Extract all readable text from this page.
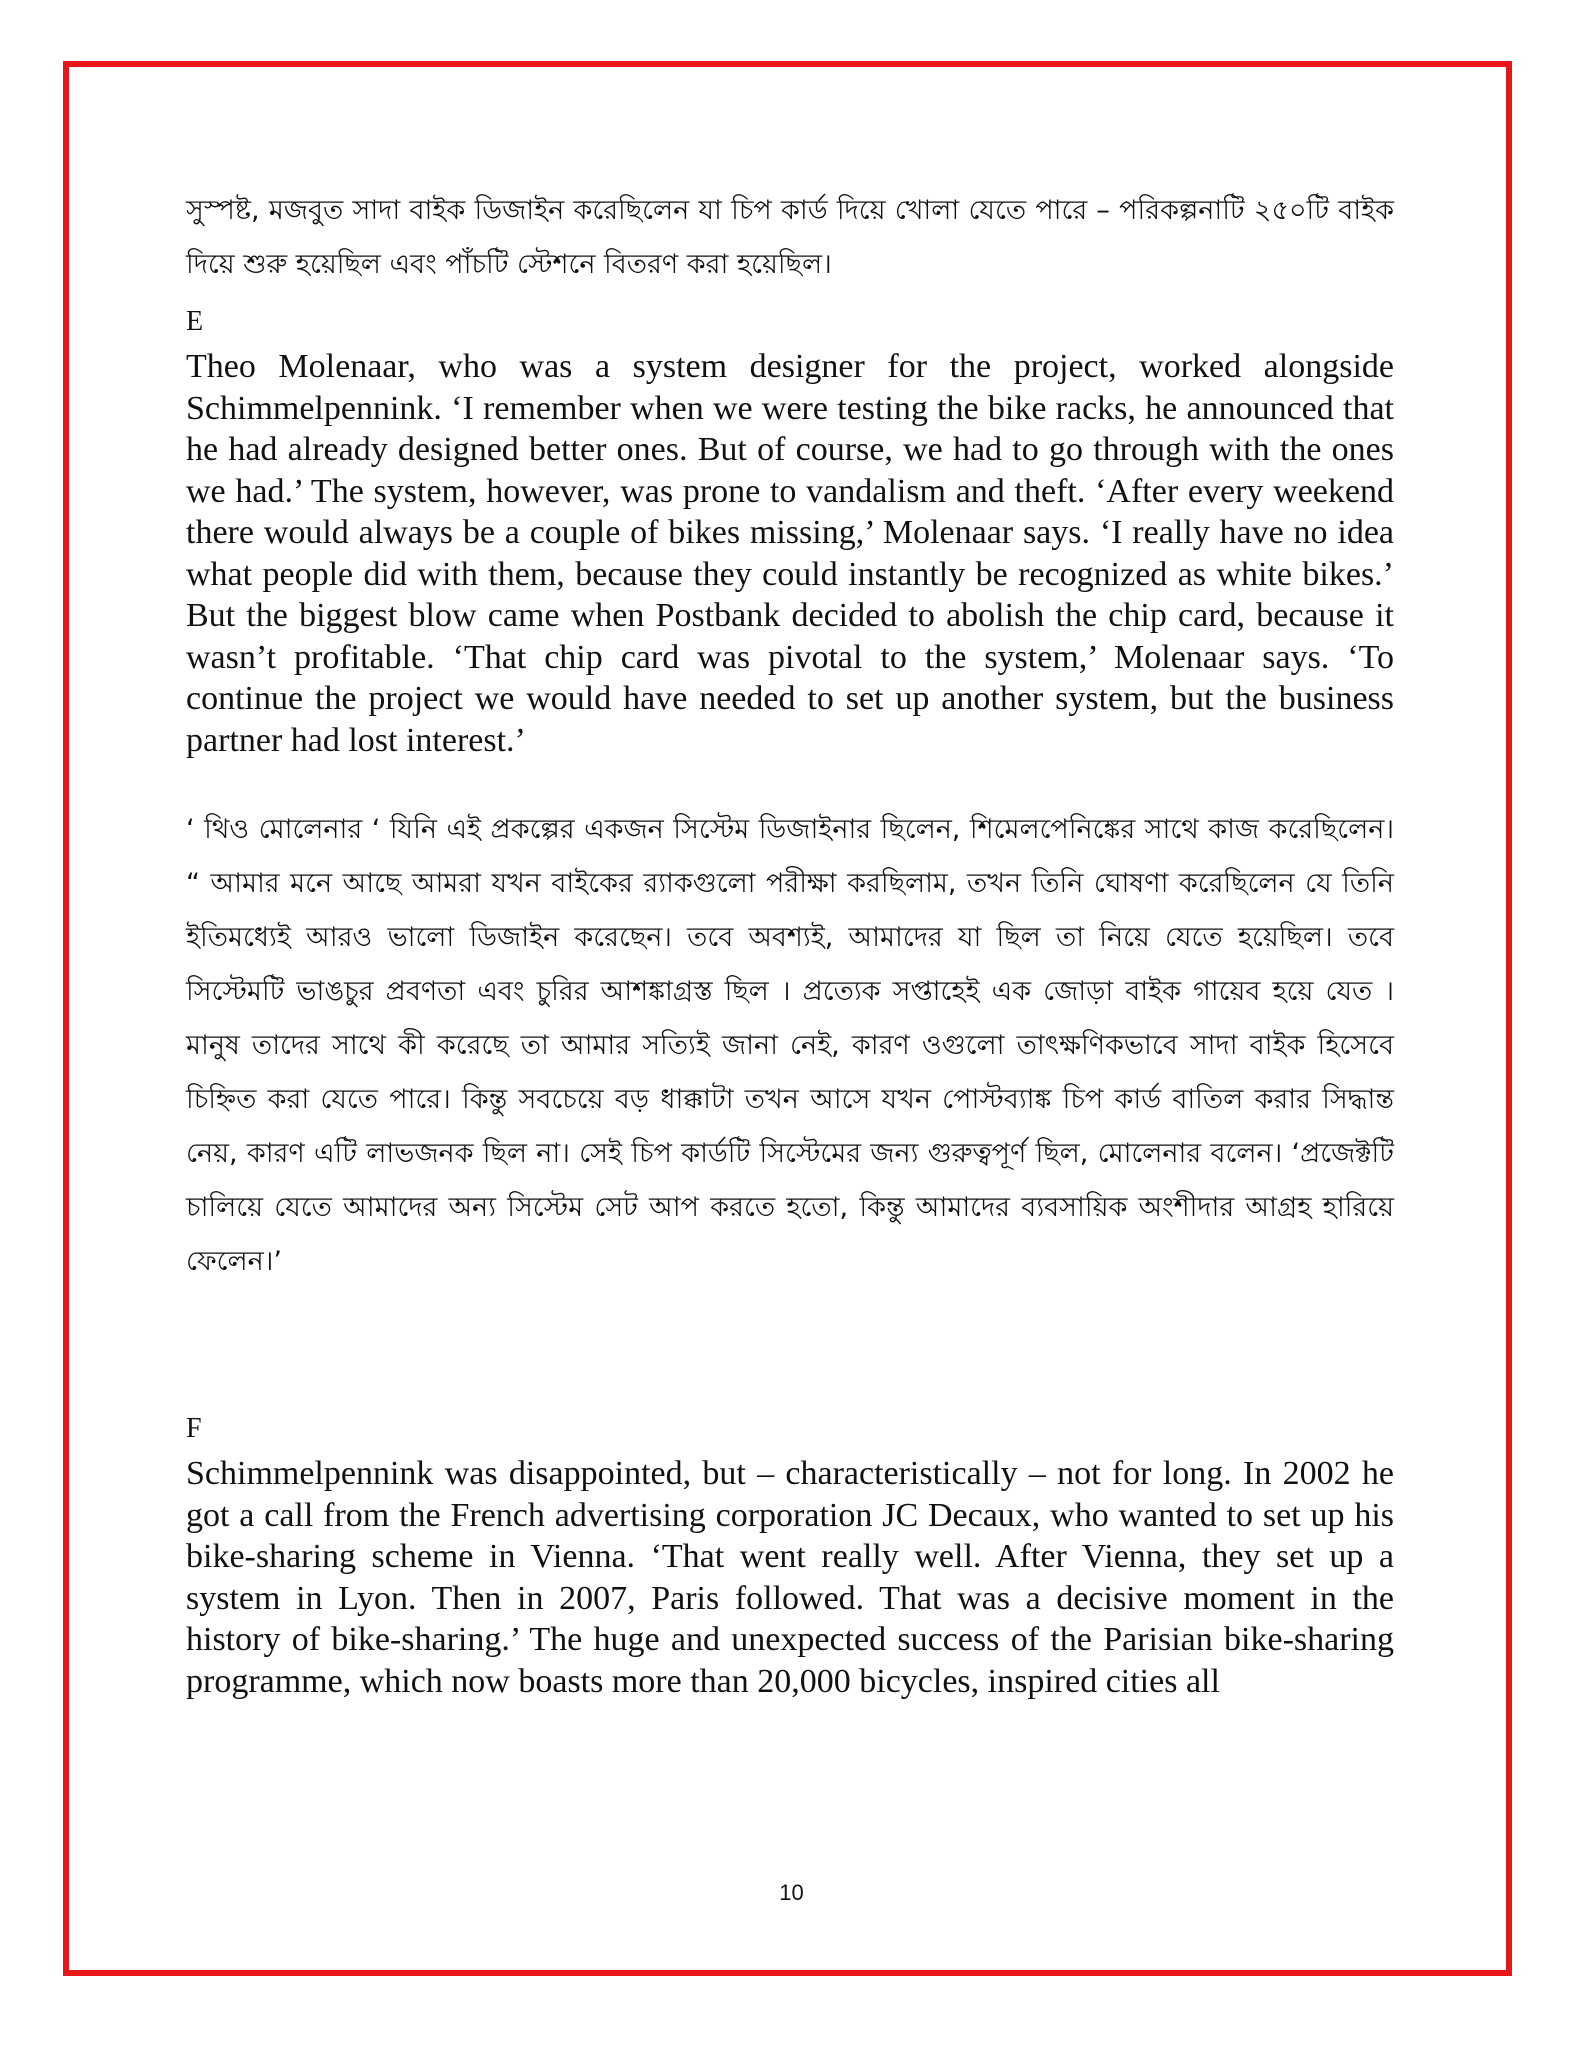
সুস্পষ্ট, মজবুত সাদা বাইক ডিজাইন করেছিলেন যা চিপ কার্ড দিয়ে খোলা যেতে পারে – পরিকল্পনাটি ২৫০টি বাইক দিয়ে শুরু হয়েছিল এবং পাঁচটি স্টেশনে বিতরণ করা হয়েছিল।

E

Theo Molenaar, who was a system designer for the project, worked alongside Schimmelpennink. ‘I remember when we were testing the bike racks, he announced that he had already designed better ones. But of course, we had to go through with the ones we had.’ The system, however, was prone to vandalism and theft. ‘After every weekend there would always be a couple of bikes missing,’ Molenaar says. ‘I really have no idea what people did with them, because they could instantly be recognized as white bikes.’ But the biggest blow came when Postbank decided to abolish the chip card, because it wasn’t profitable. ‘That chip card was pivotal to the system,’ Molenaar says. ‘To continue the project we would have needed to set up another system, but the business partner had lost interest.’

‘ থিও মোলেনার ‘ যিনি এই প্রকল্পের একজন সিস্টেম ডিজাইনার ছিলেন, শিমেলপেনিঙ্কের সাথে কাজ করেছিলেন। “ আমার মনে আছে আমরা যখন বাইকের র‍্যাকগুলো পরীক্ষা করছিলাম, তখন তিনি ঘোষণা করেছিলেন যে তিনি ইতিমধ্যেই আরও ভালো ডিজাইন করেছেন। তবে অবশ্যই, আমাদের যা ছিল তা নিয়ে যেতে হয়েছিল। তবে সিস্টেমটি ভাঙচুর প্রবণতা এবং চুরির আশঙ্কাগ্রস্ত ছিল । প্রত্যেক সপ্তাহেই এক জোড়া বাইক গায়েব হয়ে যেত । মানুষ তাদের সাথে কী করেছে তা আমার সত্যিই জানা নেই, কারণ ওগুলো তাৎক্ষণিকভাবে সাদা বাইক হিসেবে চিহ্নিত করা যেতে পারে। কিন্তু সবচেয়ে বড় ধাক্কাটা তখন আসে যখন পোস্টব্যাঙ্ক চিপ কার্ড বাতিল করার সিদ্ধান্ত নেয়, কারণ এটি লাভজনক ছিল না। সেই চিপ কার্ডটি সিস্টেমের জন্য গুরুত্বপূর্ণ ছিল, মোলেনার বলেন। ‘প্রজেক্টটি চালিয়ে যেতে আমাদের অন্য সিস্টেম সেট আপ করতে হতো, কিন্তু আমাদের ব্যবসায়িক অংশীদার আগ্রহ হারিয়ে ফেলেন।’

F

Schimmelpennink was disappointed, but – characteristically – not for long. In 2002 he got a call from the French advertising corporation JC Decaux, who wanted to set up his bike-sharing scheme in Vienna. ‘That went really well. After Vienna, they set up a system in Lyon. Then in 2007, Paris followed. That was a decisive moment in the history of bike-sharing.’ The huge and unexpected success of the Parisian bike-sharing programme, which now boasts more than 20,000 bicycles, inspired cities all

10
